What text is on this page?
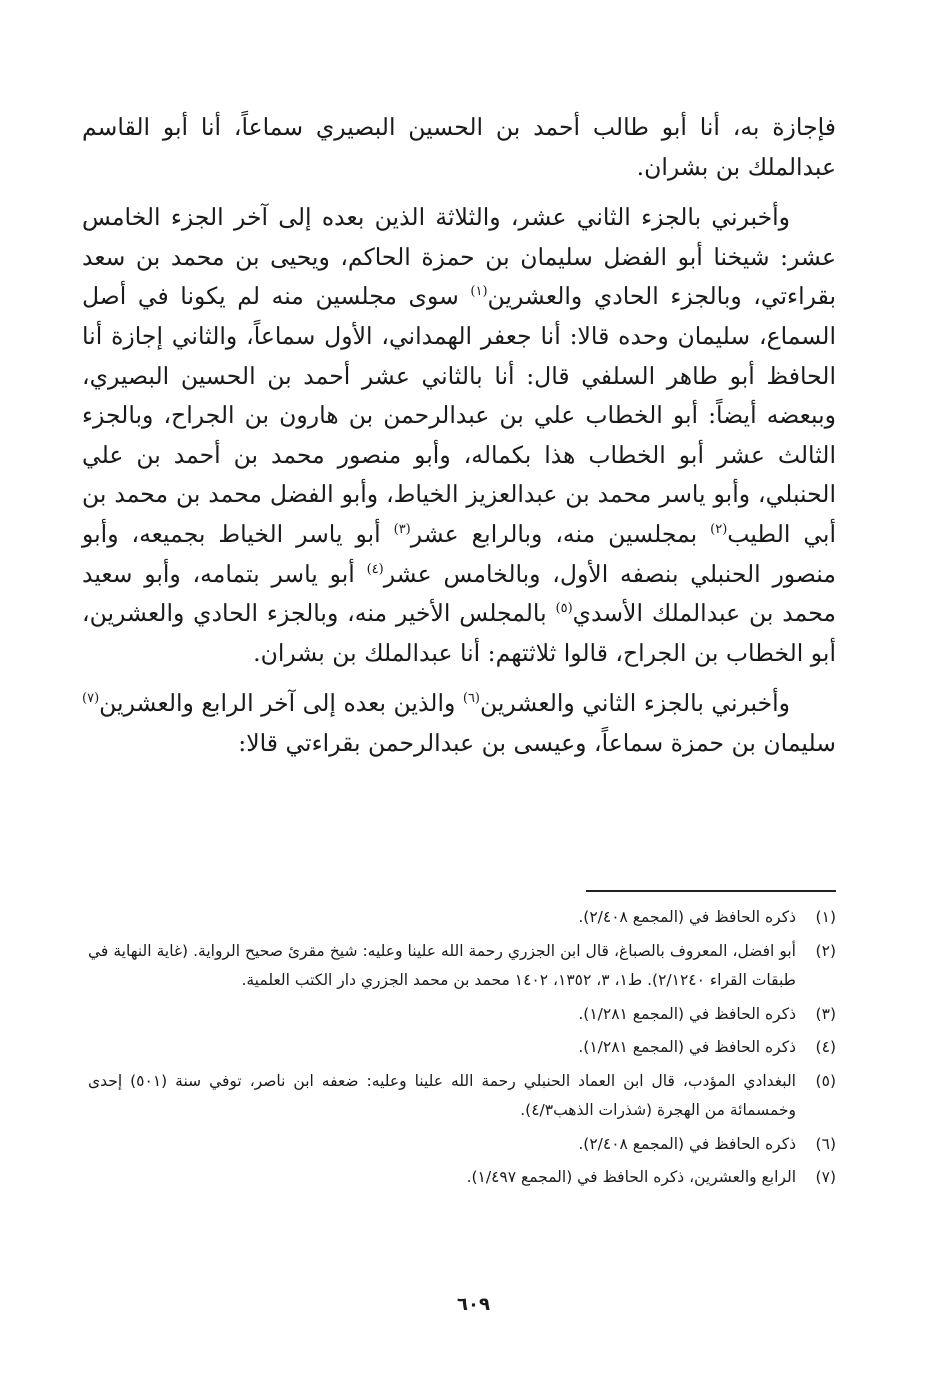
فإجازة به، أنا أبو طالب أحمد بن الحسين البصيري سماعاً، أنا أبو القاسم عبدالملك بن بشران.

وأخبرني بالجزء الثاني عشر، والثلاثة الذين بعده إلى آخر الجزء الخامس عشر: شيخنا أبو الفضل سليمان بن حمزة الحاكم، ويحيى بن محمد بن سعد بقراءتي، وبالجزء الحادي والعشرين$^{(١)}$ سوى مجلسين منه لم يكونا في أصل السماع، سليمان وحده قالا: أنا جعفر الهمداني، الأول سماعاً، والثاني إجازة أنا الحافظ أبو طاهر السلفي قال: أنا بالثاني عشر أحمد بن الحسين البصيري، وببعضه أيضاً: أبو الخطاب علي بن عبدالرحمن بن هارون بن الجراح، وبالجزء الثالث عشر أبو الخطاب هذا بكماله، وأبو منصور محمد بن أحمد بن علي الحنبلي، وأبو ياسر محمد بن عبدالعزيز الخياط، وأبو الفضل محمد بن محمد بن أبي الطيب$^{(٢)}$ بمجلسين منه، وبالرابع عشر$^{(٣)}$ أبو ياسر الخياط بجميعه، وأبو منصور الحنبلي بنصفه الأول، وبالخامس عشر$^{(٤)}$ أبو ياسر بتمامه، وأبو سعيد محمد بن عبدالملك الأسدي$^{(٥)}$ بالمجلس الأخير منه، وبالجزء الحادي والعشرين، أبو الخطاب بن الجراح، قالوا ثلاثتهم: أنا عبدالملك بن بشران.

وأخبرني بالجزء الثاني والعشرين$^{(٦)}$ والذين بعده إلى آخر الرابع والعشرين$^{(٧)}$ سليمان بن حمزة سماعاً، وعيسى بن عبدالرحمن بقراءتي قالا:

(١)
ذكره الحافظ في (المجمع ٢/٤٠٨).
(٢)
أبو افضل، المعروف بالصباغ، قال ابن الجزري رحمة الله علينا وعليه: شيخ مقرئ صحيح الرواية. (غاية النهاية في طبقات القراء ٢/١٢٤٠). ط١، ٣، ١٣٥٢، ١٤٠٢ محمد بن محمد الجزري دار الكتب العلمية.
(٣)
ذكره الحافظ في (المجمع ١/٢٨١).
(٤)
ذكره الحافظ في (المجمع ١/٢٨١).
(٥)
البغدادي المؤدب، قال ابن العماد الحنبلي رحمة الله علينا وعليه: ضعفه ابن ناصر، توفي سنة (٥٠١) إحدى وخمسمائة من الهجرة (شذرات الذهب٤/٣).
(٦)
ذكره الحافظ في (المجمع ٢/٤٠٨).
(٧)
الرابع والعشرين، ذكره الحافظ في (المجمع ١/٤٩٧).
٦٠٩
